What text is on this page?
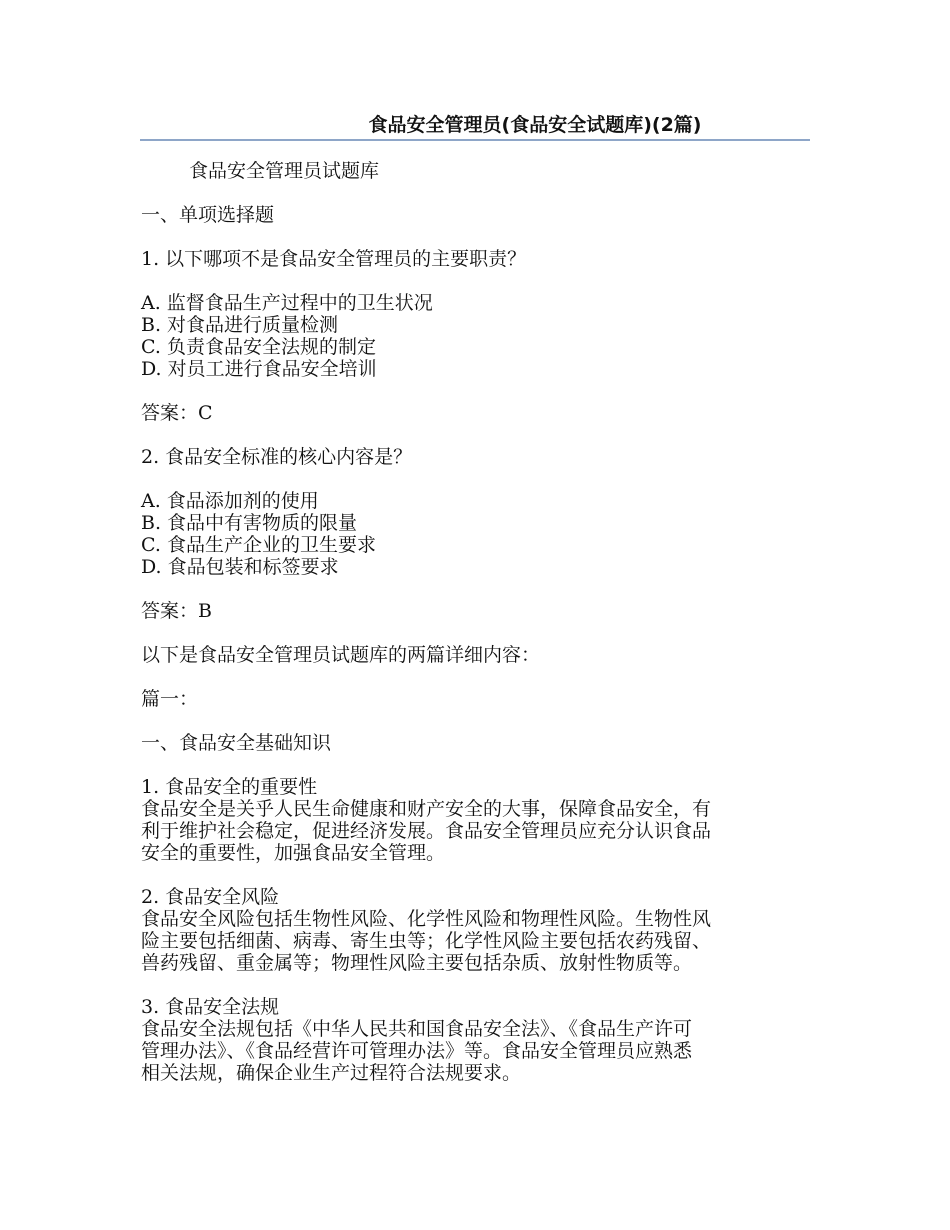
食品安全管理员(食品安全试题库)(2篇)
食品安全管理员试题库
一、单项选择题
1. 以下哪项不是食品安全管理员的主要职责？
A. 监督食品生产过程中的卫生状况
B. 对食品进行质量检测
C. 负责食品安全法规的制定
D. 对员工进行食品安全培训
答案：C
2. 食品安全标准的核心内容是？
A. 食品添加剂的使用
B. 食品中有害物质的限量
C. 食品生产企业的卫生要求
D. 食品包装和标签要求
答案：B
以下是食品安全管理员试题库的两篇详细内容：
篇一：
一、食品安全基础知识
1. 食品安全的重要性
食品安全是关乎人民生命健康和财产安全的大事，保障食品安全，有
利于维护社会稳定，促进经济发展。食品安全管理员应充分认识食品
安全的重要性，加强食品安全管理。
2. 食品安全风险
食品安全风险包括生物性风险、化学性风险和物理性风险。生物性风
险主要包括细菌、病毒、寄生虫等；化学性风险主要包括农药残留、
兽药残留、重金属等；物理性风险主要包括杂质、放射性物质等。
3. 食品安全法规
食品安全法规包括《中华人民共和国食品安全法》、《食品生产许可
管理办法》、《食品经营许可管理办法》等。食品安全管理员应熟悉
相关法规，确保企业生产过程符合法规要求。
